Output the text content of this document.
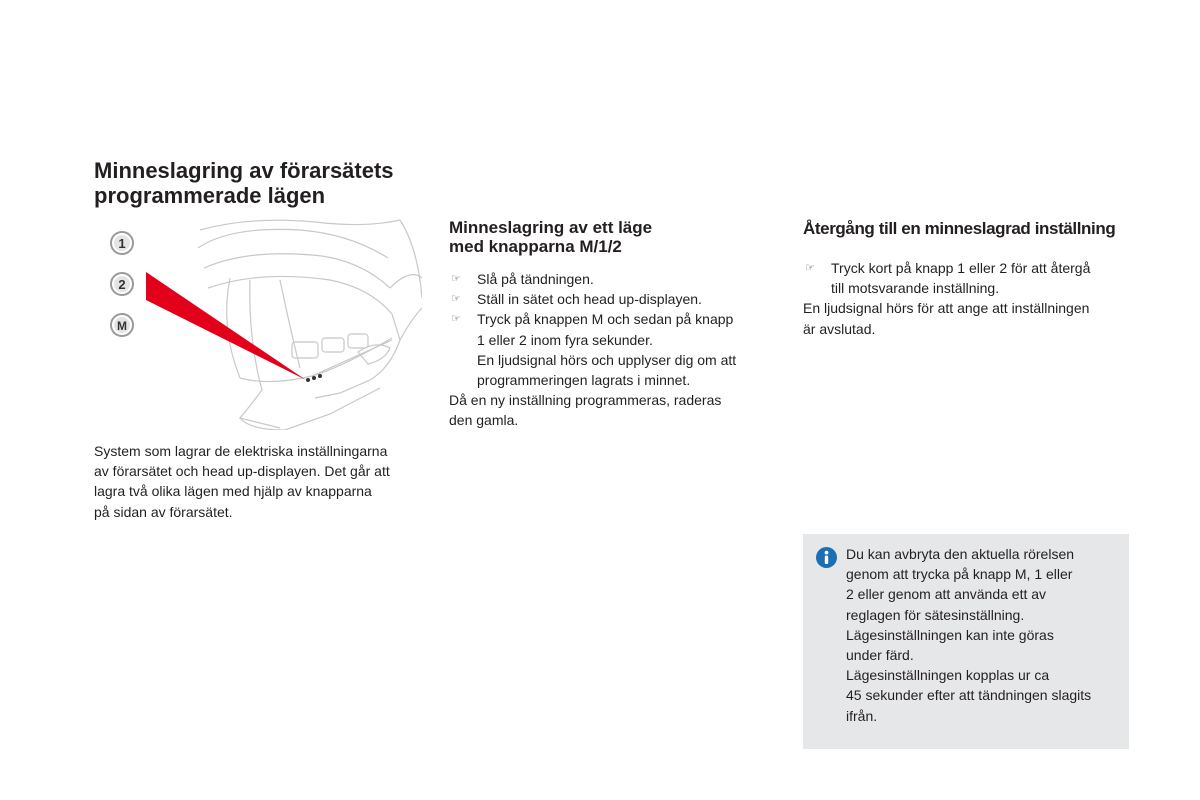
Minneslagring av förarsätets
programmerade lägen
1
2
M
System som lagrar de elektriska inställningarna
av förarsätet och head up-displayen. Det går att
lagra två olika lägen med hjälp av knapparna
på sidan av förarsätet.
Minneslagring av ett läge
med knapparna M/1/2
☞ Slå på tändningen.
☞ Ställ in sätet och head up-displayen.
☞ Tryck på knappen M och sedan på knapp
1 eller 2 inom fyra sekunder.
En ljudsignal hörs och upplyser dig om att
programmeringen lagrats i minnet.

Då en ny inställning programmeras, raderas
den gamla.

Återgång till en minneslagrad inställning
☞ Tryck kort på knapp 1 eller 2 för att återgå
till motsvarande inställning.

En ljudsignal hörs för att ange att inställningen
är avslutad.

Du kan avbryta den aktuella rörelsen
genom att trycka på knapp M, 1 eller
2 eller genom att använda ett av
reglagen för sätesinställning.
Lägesinställningen kan inte göras
under färd.
Lägesinställningen kopplas ur ca
45 sekunder efter att tändningen slagits
ifrån.
